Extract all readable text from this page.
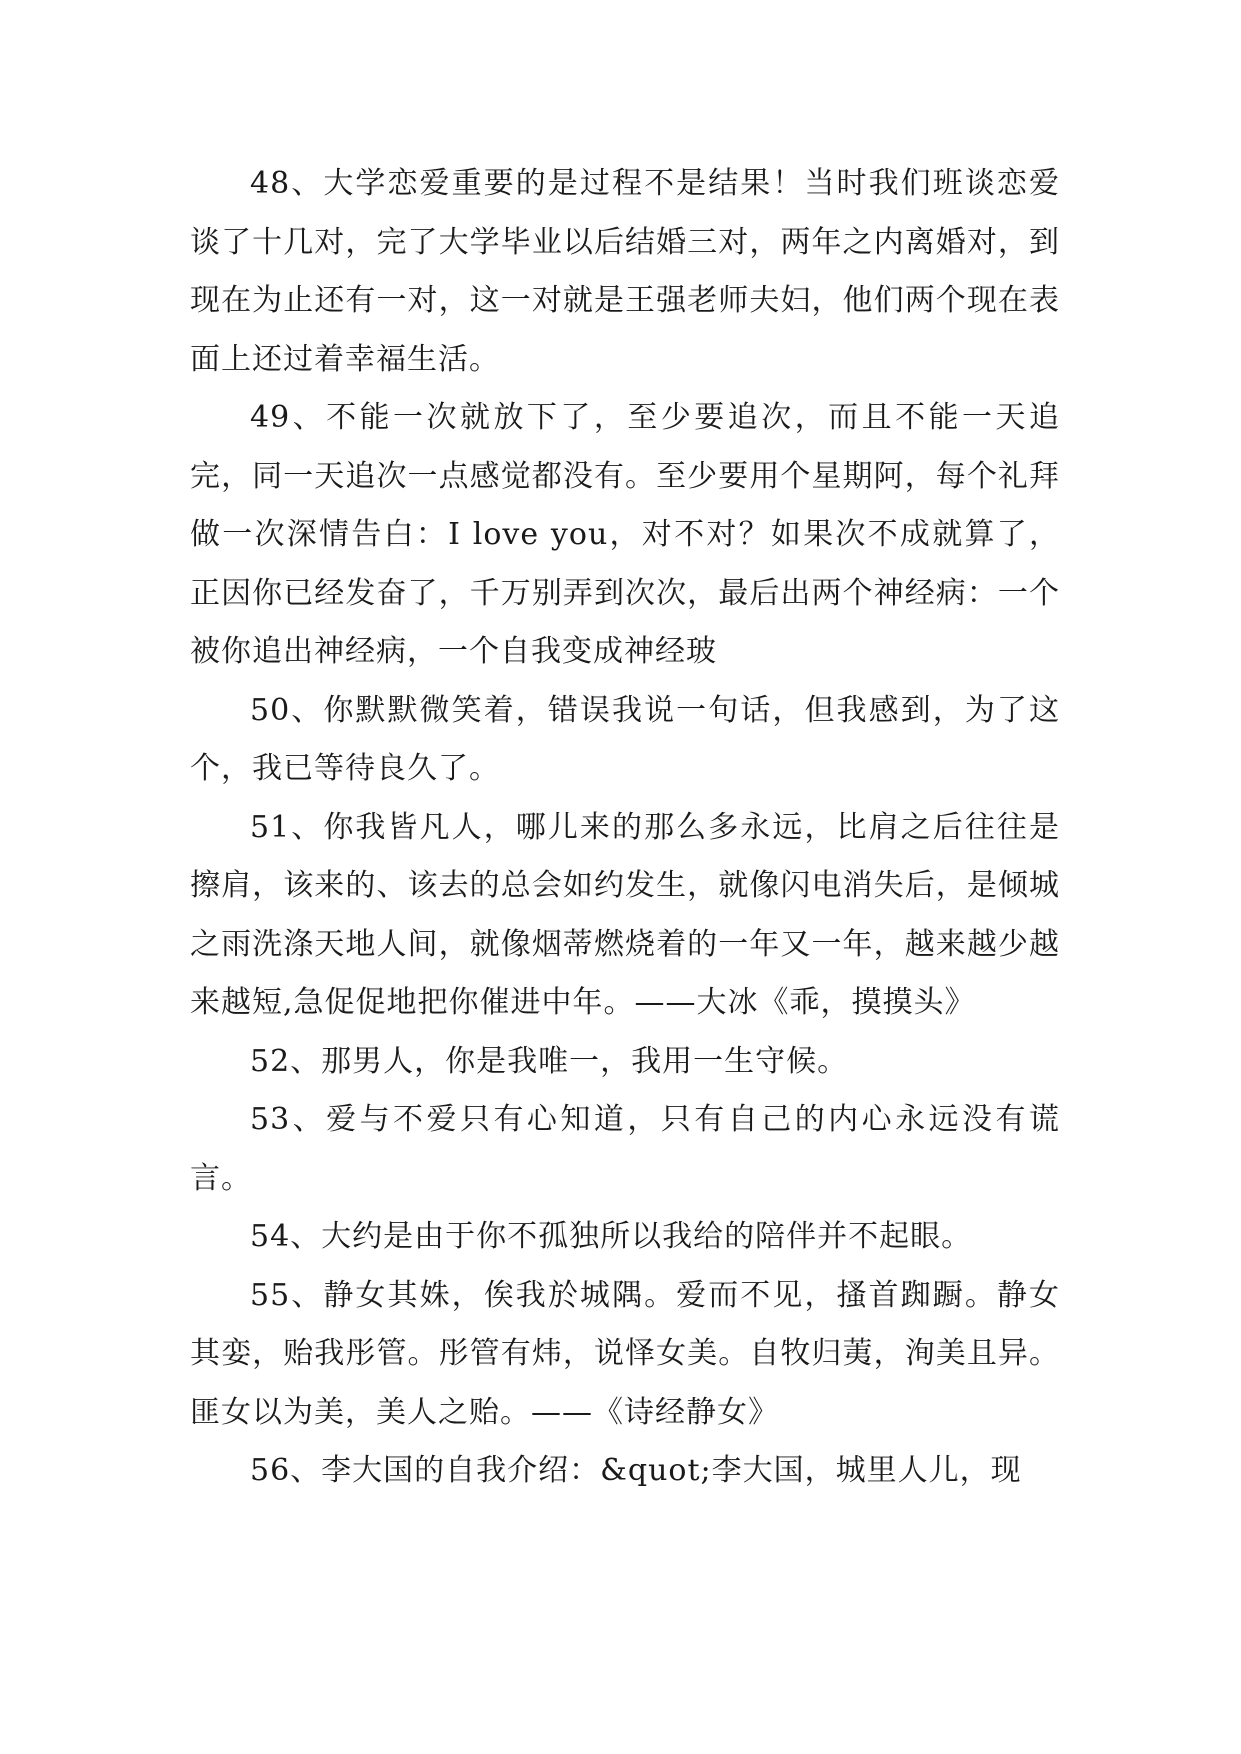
48、大学恋爱重要的是过程不是结果！当时我们班谈恋爱谈了十几对，完了大学毕业以后结婚三对，两年之内离婚对，到现在为止还有一对，这一对就是王强老师夫妇，他们两个现在表面上还过着幸福生活。

49、不能一次就放下了，至少要追次，而且不能一天追完，同一天追次一点感觉都没有。至少要用个星期阿，每个礼拜做一次深情告白：I love you，对不对？如果次不成就算了，正因你已经发奋了，千万别弄到次次，最后出两个神经病：一个被你追出神经病，一个自我变成神经玻

50、你默默微笑着，错误我说一句话，但我感到，为了这个，我已等待良久了。

51、你我皆凡人，哪儿来的那么多永远，比肩之后往往是擦肩，该来的、该去的总会如约发生，就像闪电消失后，是倾城之雨洗涤天地人间，就像烟蒂燃烧着的一年又一年，越来越少越来越短,急促促地把你催进中年。——大冰《乖，摸摸头》

52、那男人，你是我唯一，我用一生守候。

53、爱与不爱只有心知道，只有自己的内心永远没有谎言。

54、大约是由于你不孤独所以我给的陪伴并不起眼。

55、静女其姝，俟我於城隅。爱而不见，搔首踟蹰。静女其娈，贻我彤管。彤管有炜，说怿女美。自牧归荑，洵美且异。匪女以为美，美人之贻。——《诗经静女》

56、李大国的自我介绍：&quot;李大国，城里人儿，现
